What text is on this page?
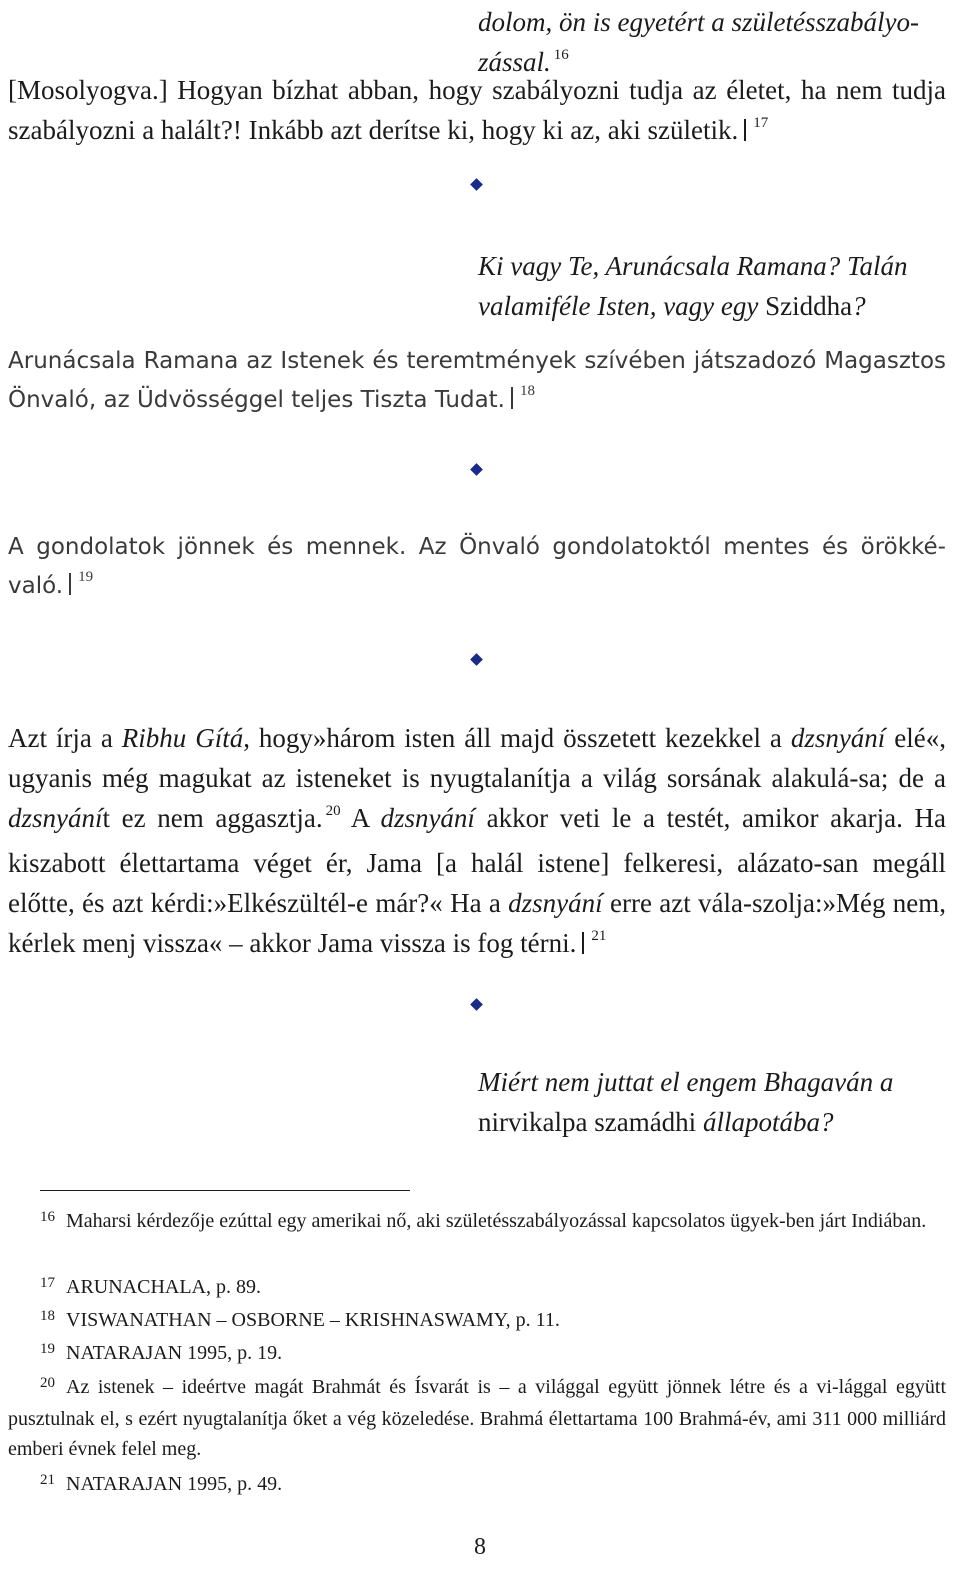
dolom, ön is egyetért a születésszabályo-zással. $^{16}$

[Mosolyogva.] Hogyan bízhat abban, hogy szabályozni tudja az életet, ha nem tudja szabályozni a halált?! Inkább azt derítse ki, hogy ki az, aki születik. $^{17}$

Ki vagy Te, Arunácsala Ramana? Talán valamiféle Isten, vagy egy Sziddha?

Arunácsala Ramana az Istenek és teremtmények szívében játszadozó Magasztos Önvaló, az Üdvösséggel teljes Tiszta Tudat. $^{18}$

A gondolatok jönnek és mennek. Az Önvaló gondolatoktól mentes és örökké-való. $^{19}$

Azt írja a Ribhu Gítá, hogy»három isten áll majd összetett kezekkel a dzsnyání elé«, ugyanis még magukat az isteneket is nyugtalanítja a világ sorsának alakulá-sa; de a dzsnyánít ez nem aggasztja. $^{20}$ A dzsnyání akkor veti le a testét, amikor akarja. Ha kiszabott élettartama véget ér, Jama [a halál istene] felkeresi, alázato-san megáll előtte, és azt kérdi:»Elkészültél-e már?« Ha a dzsnyání erre azt vála-szolja:»Még nem, kérlek menj vissza« – akkor Jama vissza is fog térni. $^{21}$

Miért nem juttat el engem Bhagaván a nirvikalpa szamádhi állapotába?

16 Maharsi kérdezője ezúttal egy amerikai nő, aki születésszabályozással kapcsolatos ügyek-ben járt Indiában.

17 ARUNACHALA, p. 89.

18 VISWANATHAN – OSBORNE – KRISHNASWAMY, p. 11.

19 NATARAJAN 1995, p. 19.

20 Az istenek – ideértve magát Brahmát és Ísvarát is – a világgal együtt jönnek létre és a vi-lággal együtt pusztulnak el, s ezért nyugtalanítja őket a vég közeledése. Brahmá élettartama 100 Brahmá-év, ami 311 000 milliárd emberi évnek felel meg.

21 NATARAJAN 1995, p. 49.

8
